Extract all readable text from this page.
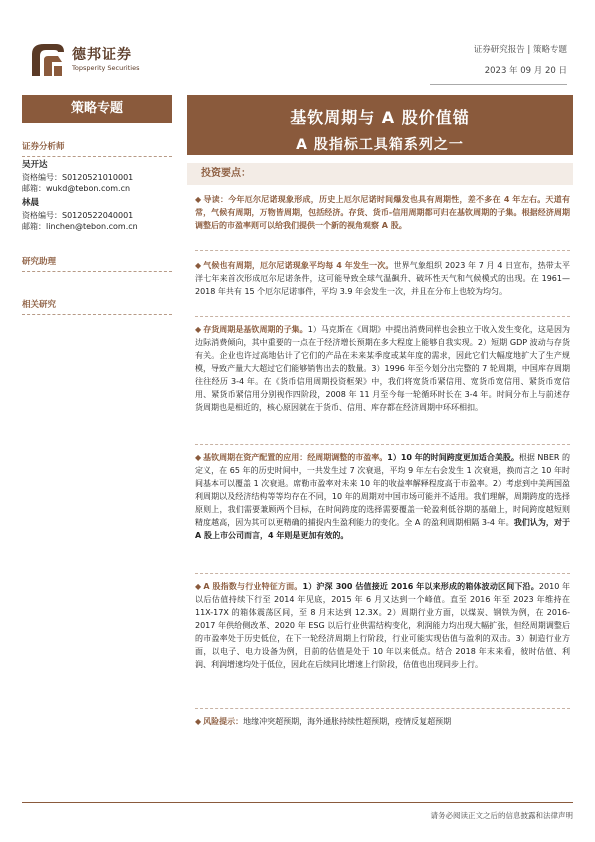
德邦证券
Topsperity Securities
证券研究报告 | 策略专题
2023 年 09 月 20 日
策略专题	基钦周期与 A 股价值锚
A 股指标工具箱系列之一
证券分析师
吴开达
资格编号：S0120521010001
邮箱：wukd@tebon.com.cn
林晨
资格编号：S0120522040001
邮箱：linchen@tebon.com.cn
研究助理
相关研究
投资要点：
◆ 导读：今年厄尔尼诺现象形成，历史上厄尔尼诺时间爆发也具有周期性，差不多在 4 年左右。天道有常，气候有周期，万物皆周期，包括经济。存货、货币-信用周期都可归在基钦周期的子集。根据经济周期调整后的市盈率则可以给我们提供一个新的视角观察 A 股。
◆ 气候也有周期，厄尔尼诺现象平均每 4 年发生一次。世界气象组织 2023 年 7 月 4 日宣布，热带太平洋七年来首次形成厄尔尼诺条件，这可能导致全球气温飙升、破坏性天气和气候模式的出现。在 1961—2018 年共有 15 个厄尔尼诺事件，平均 3.9 年会发生一次，并且在分布上也较为均匀。
◆ 存货周期是基钦周期的子集。1）马克斯在《周期》中提出消费同样也会独立于收入发生变化，这是因为边际消费倾向，其中重要的一点在于经济增长预期在多大程度上能够自我实现。2）短期 GDP 波动与存货有关。企业也许过高地估计了它们的产品在未来某季度或某年度的需求，因此它们大幅度地扩大了生产规模，导致产量大大超过它们能够销售出去的数量。3）1996 年至今划分出完整的 7 轮周期，中国库存周期往往经历 3-4 年。在《货币信用周期投资框架》中，我们将宽货币紧信用、宽货币宽信用、紧货币宽信用、紧货币紧信用分别视作四阶段，2008 年 11 月至今每一轮循环时长在 3-4 年。时间分布上与前述存货周期也是相近的，核心原因就在于货币、信用、库存都在经济周期中环环相扣。
◆ 基钦周期在资产配置的应用：经周期调整的市盈率。1）10 年的时间跨度更加适合美股。根据 NBER 的定义，在 65 年的历史时间中，一共发生过 7 次衰退，平均 9 年左右会发生 1 次衰退，换而言之 10 年时间基本可以覆盖 1 次衰退。席勒市盈率对未来 10 年的收益率解释程度高于市盈率。2）考虑到中美两国盈利周期以及经济结构等等均存在不同，10 年的周期对中国市场可能并不适用。我们理解，周期跨度的选择原则上，我们需要兼顾两个目标，在时间跨度的选择需要覆盖一轮盈利低谷期的基础上，时间跨度越短则精度越高，因为其可以更精确的捕捉内生盈利能力的变化。全 A 的盈利周期相隔 3-4 年。我们认为，对于 A 股上市公司而言，4 年则是更加有效的。
◆ A 股指数与行业特征方面。1）沪深 300 估值接近 2016 年以来形成的箱体波动区间下沿。2010 年以后估值持续下行至 2014 年见底，2015 年 6 月又达到一个峰值。直至 2016 年至 2023 年维持在 11X-17X 的箱体震荡区间，至 8 月末达到 12.3X。2）周期行业方面，以煤炭、钢铁为例，在 2016-2017 年供给侧改革、2020 年 ESG 以后行业供需结构变化，利润能力均出现大幅扩张，但经周期调整后的市盈率处于历史低位，在下一轮经济周期上行阶段，行业可能实现估值与盈利的双击。3）制造行业方面，以电子、电力设备为例，目前的估值是处于 10 年以来低点。结合 2018 年末来看，彼时估值、利润、利润增速均处于低位，因此在后续同比增速上行阶段，估值也出现同步上行。
◆ 风险提示：地缘冲突超预期，海外通胀持续性超预期，疫情反复超预期
请务必阅读正文之后的信息披露和法律声明
